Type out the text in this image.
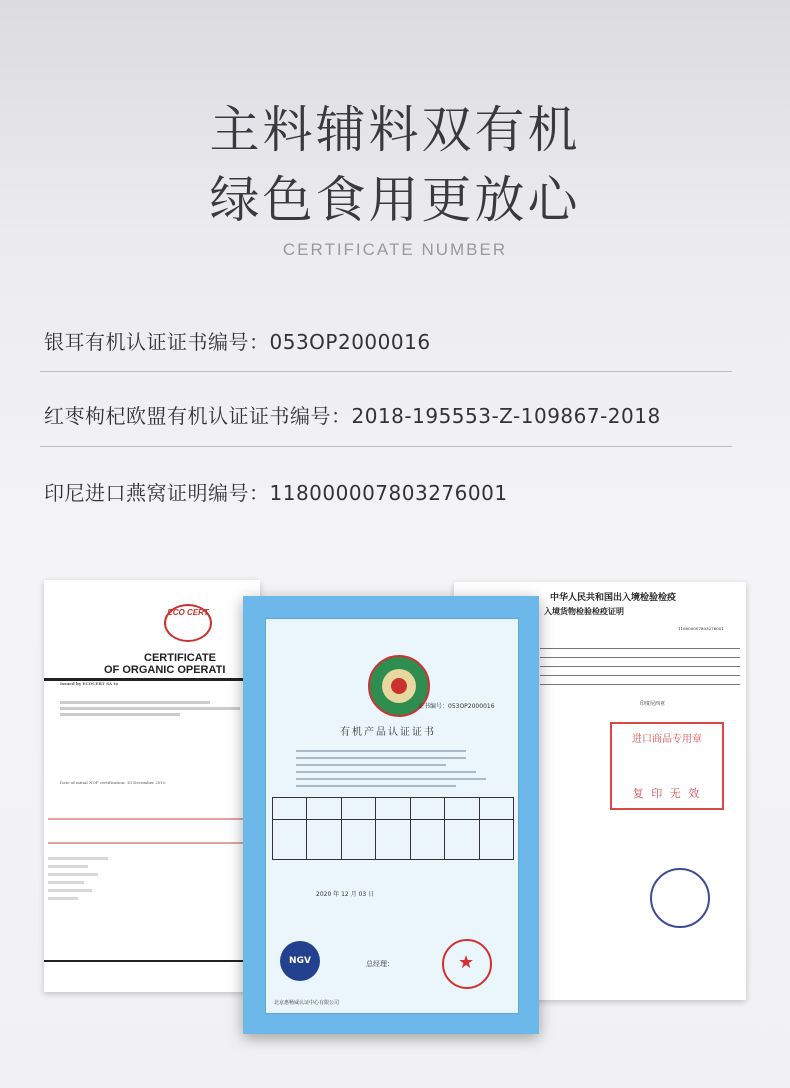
主料辅料双有机
绿色食用更放心
CERTIFICATE NUMBER
银耳有机认证证书编号：053OP2000016
红枣枸杞欧盟有机认证证书编号：2018-195553-Z-109867-2018
印尼进口燕窝证明编号：118000007803276001
ECO CERT
CERTIFICATE
OF ORGANIC OPERATI
Issued by ECOCERT SA to
Date of initial NOP certification: 10 December 2010
中华人民共和国出入境检验检疫
入境货物检验检疫证明
118000007803276001
印度尼西亚
进口商品专用章
复 印 无 效
证书编号：053OP2000016
有机产品认证证书

2020 年 12 月 03 日
NGV	总经理：	★
北京惠畅威认证中心有限公司
